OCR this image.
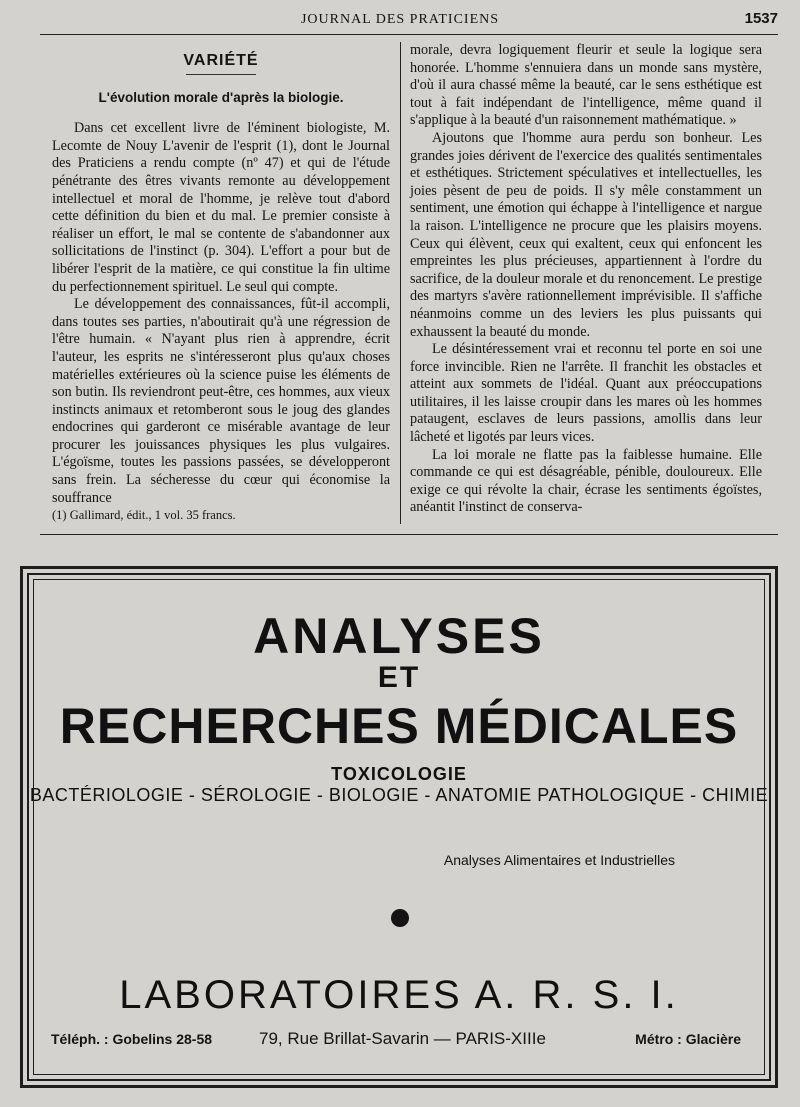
JOURNAL DES PRATICIENS	1537
VARIÉTÉ
L'évolution morale d'après la biologie.

Dans cet excellent livre de l'éminent biologiste, M. Lecomte de Nouy L'avenir de l'esprit (1), dont le Journal des Praticiens a rendu compte (nº 47) et qui de l'étude pénétrante des êtres vivants remonte au développement intellectuel et moral de l'homme, je relève tout d'abord cette définition du bien et du mal. Le premier consiste à réaliser un effort, le mal se contente de s'abandonner aux sollicitations de l'instinct (p. 304). L'effort a pour but de libérer l'esprit de la matière, ce qui constitue la fin ultime du perfectionnement spirituel. Le seul qui compte.

Le développement des connaissances, fût-il accompli, dans toutes ses parties, n'aboutirait qu'à une régression de l'être humain. « N'ayant plus rien à apprendre, écrit l'auteur, les esprits ne s'intéresseront plus qu'aux choses matérielles extérieures où la science puise les éléments de son butin. Ils reviendront peut-être, ces hommes, aux vieux instincts animaux et retomberont sous le joug des glandes endocrines qui garderont ce misérable avantage de leur procurer les jouissances physiques les plus vulgaires. L'égoïsme, toutes les passions passées, se développeront sans frein. La sécheresse du cœur qui économise la souffrance

morale, devra logiquement fleurir et seule la logique sera honorée. L'homme s'ennuiera dans un monde sans mystère, d'où il aura chassé même la beauté, car le sens esthétique est tout à fait indépendant de l'intelligence, même quand il s'applique à la beauté d'un raisonnement mathématique. »

Ajoutons que l'homme aura perdu son bonheur. Les grandes joies dérivent de l'exercice des qualités sentimentales et esthétiques. Strictement spéculatives et intellectuelles, les joies pèsent de peu de poids. Il s'y mêle constamment un sentiment, une émotion qui échappe à l'intelligence et nargue la raison. L'intelligence ne procure que les plaisirs moyens. Ceux qui élèvent, ceux qui exaltent, ceux qui enfoncent les empreintes les plus précieuses, appartiennent à l'ordre du sacrifice, de la douleur morale et du renoncement. Le prestige des martyrs s'avère rationnellement imprévisible. Il s'affiche néanmoins comme un des leviers les plus puissants qui exhaussent la beauté du monde.

Le désintéressement vrai et reconnu tel porte en soi une force invincible. Rien ne l'arrête. Il franchit les obstacles et atteint aux sommets de l'idéal. Quant aux préoccupations utilitaires, il les laisse croupir dans les mares où les hommes pataugent, esclaves de leurs passions, amollis dans leur lâcheté et ligotés par leurs vices.

La loi morale ne flatte pas la faiblesse humaine. Elle commande ce qui est désagréable, pénible, douloureux. Elle exige ce qui révolte la chair, écrase les sentiments égoïstes, anéantit l'instinct de conserva-

(1) Gallimard, édit., 1 vol. 35 francs.
ANALYSES
ET
RECHERCHES MÉDICALES
TOXICOLOGIE
BACTÉRIOLOGIE - SÉROLOGIE - BIOLOGIE - ANATOMIE PATHOLOGIQUE - CHIMIE
Analyses Alimentaires et Industrielles
LABORATOIRES A. R. S. I.
Téléph. : Gobelins 28-58	79, Rue Brillat-Savarin — PARIS-XIIIe	Métro : Glacière
